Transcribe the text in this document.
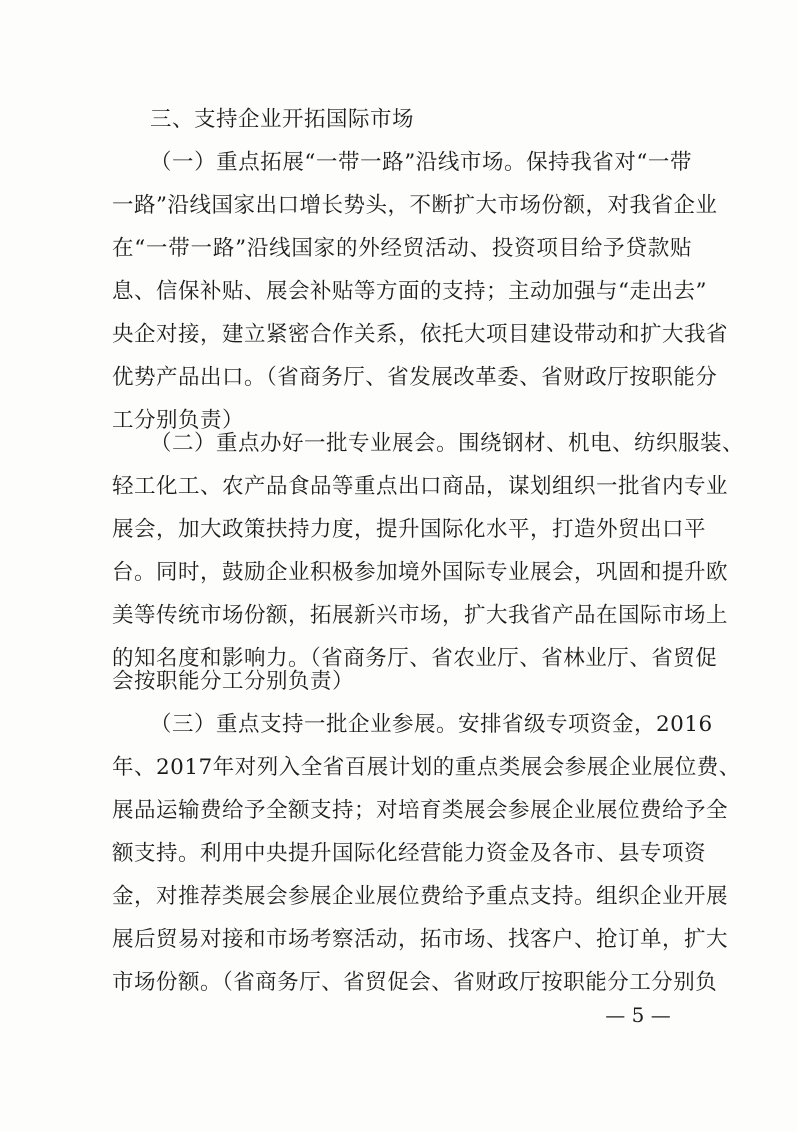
三、支持企业开拓国际市场
（一）重点拓展“一带一路”沿线市场。保持我省对“一带
一路”沿线国家出口增长势头，不断扩大市场份额，对我省企业
在“一带一路”沿线国家的外经贸活动、投资项目给予贷款贴
息、信保补贴、展会补贴等方面的支持；主动加强与“走出去”
央企对接，建立紧密合作关系，依托大项目建设带动和扩大我省
优势产品出口。（省商务厅、省发展改革委、省财政厅按职能分
工分别负责）
（二）重点办好一批专业展会。围绕钢材、机电、纺织服装、
轻工化工、农产品食品等重点出口商品，谋划组织一批省内专业
展会，加大政策扶持力度，提升国际化水平，打造外贸出口平
台。同时，鼓励企业积极参加境外国际专业展会，巩固和提升欧
美等传统市场份额，拓展新兴市场，扩大我省产品在国际市场上
的知名度和影响力。（省商务厅、省农业厅、省林业厅、省贸促
会按职能分工分别负责）
（三）重点支持一批企业参展。安排省级专项资金，2016
年、2017年对列入全省百展计划的重点类展会参展企业展位费、
展品运输费给予全额支持；对培育类展会参展企业展位费给予全
额支持。利用中央提升国际化经营能力资金及各市、县专项资
金，对推荐类展会参展企业展位费给予重点支持。组织企业开展
展后贸易对接和市场考察活动，拓市场、找客户、抢订单，扩大
市场份额。（省商务厅、省贸促会、省财政厅按职能分工分别负
— 5 —
